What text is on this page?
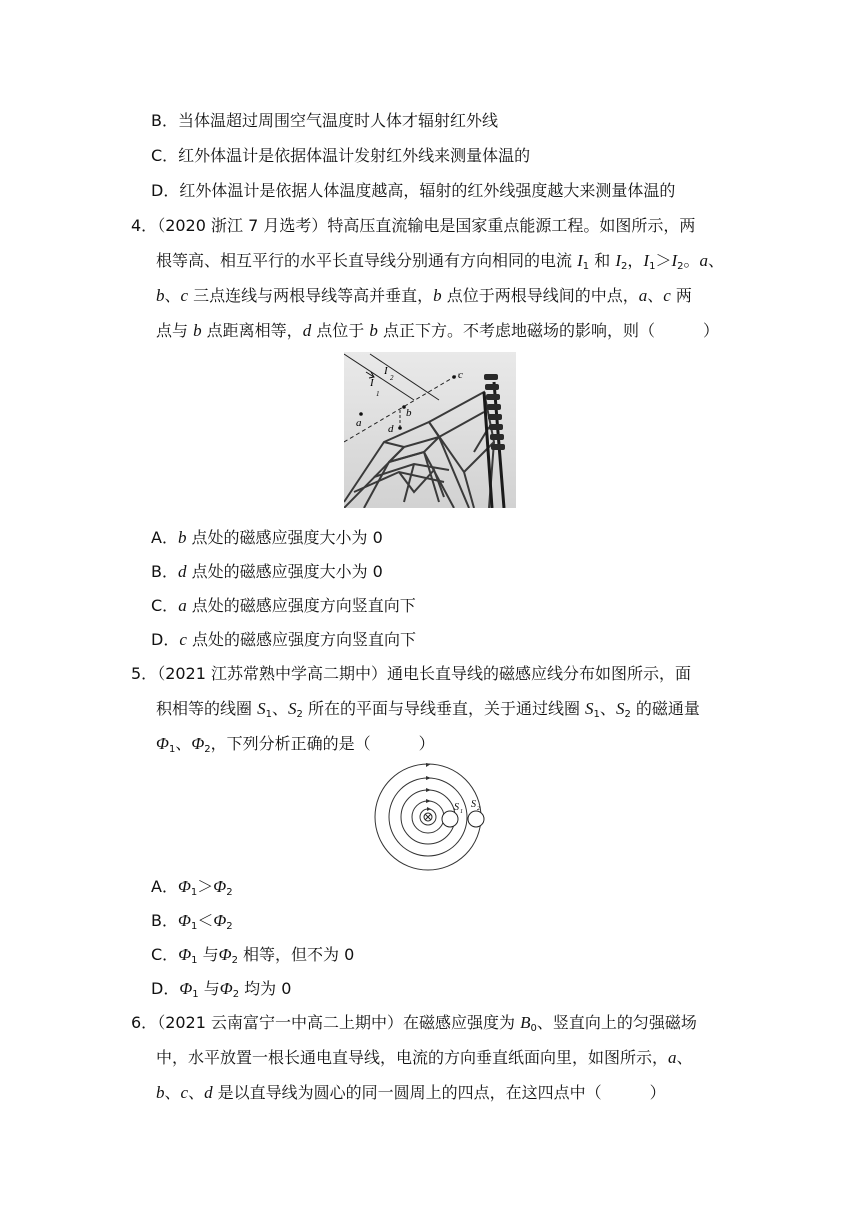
B．当体温超过周围空气温度时人体才辐射红外线
C．红外体温计是依据体温计发射红外线来测量体温的
D．红外体温计是依据人体温度越高，辐射的红外线强度越大来测量体温的
4．（2020 浙江 7 月选考）特高压直流输电是国家重点能源工程。如图所示，两
根等高、相互平行的水平长直导线分别通有方向相同的电流 $I_1$ 和 $I_2$，$I_1>I_2$。a、
b、c 三点连线与两根导线等高并垂直，b 点位于两根导线间的中点，a、c 两
点与 b 点距离相等，d 点位于 b 点正下方。不考虑地磁场的影响，则（　　　）
a
b
c
d
I
1
I
2
A．b 点处的磁感应强度大小为 0
B．d 点处的磁感应强度大小为 0
C．a 点处的磁感应强度方向竖直向下
D．c 点处的磁感应强度方向竖直向下
5．（2021 江苏常熟中学高二期中）通电长直导线的磁感应线分布如图所示，面
积相等的线圈 $S_1$、$S_2$ 所在的平面与导线垂直，关于通过线圈 $S_1$、$S_2$ 的磁通量
$\Phi_1$、$\Phi_2$，下列分析正确的是（　　　）
S 1
S 2
A．$\Phi_1>\Phi_2$
B．$\Phi_1<\Phi_2$
C．$\Phi_1$ 与$\Phi_2$ 相等，但不为 0
D．$\Phi_1$ 与$\Phi_2$ 均为 0
6．（2021 云南富宁一中高二上期中）在磁感应强度为 $B_0$、竖直向上的匀强磁场
中，水平放置一根长通电直导线，电流的方向垂直纸面向里，如图所示，a、
b、c、d 是以直导线为圆心的同一圆周上的四点，在这四点中（　　　）
